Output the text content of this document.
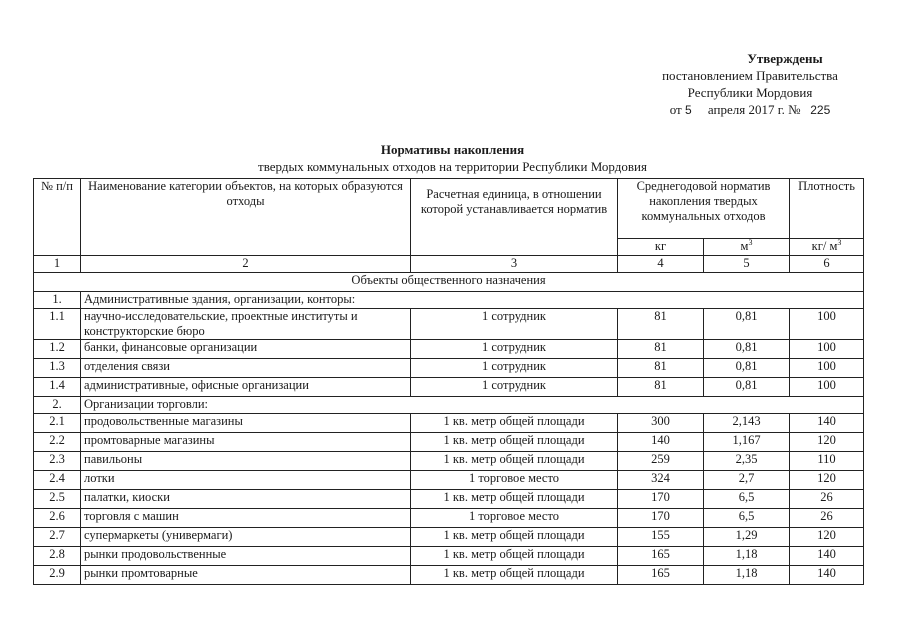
Утверждены
постановлением Правительства
Республики Мордовия
от 5 апреля 2017 г. № 225
Нормативы накопления
твердых коммунальных отходов на территории Республики Мордовия
№ п/п	Наименование категории объектов, на которых образуются отходы	Расчетная единица, в отношении которой устанавливается норматив	Среднегодовой норматив накопления твердых коммунальных отходов		Плотность
			кг	$м^3$	кг/ $м^3$
1	2	3	4	5	6
Объекты общественного назначения					
1.	Административные здания, организации, конторы:				
1.1	научно-исследовательские, проектные институты и конструкторские бюро	1 сотрудник	81	0,81	100
1.2	банки, финансовые организации	1 сотрудник	81	0,81	100
1.3	отделения связи	1 сотрудник	81	0,81	100
1.4	административные, офисные организации	1 сотрудник	81	0,81	100
2.	Организации торговли:				
2.1	продовольственные магазины	1 кв. метр общей площади	300	2,143	140
2.2	промтоварные магазины	1 кв. метр общей площади	140	1,167	120
2.3	павильоны	1 кв. метр общей площади	259	2,35	110
2.4	лотки	1 торговое место	324	2,7	120
2.5	палатки, киоски	1 кв. метр общей площади	170	6,5	26
2.6	торговля с машин	1 торговое место	170	6,5	26
2.7	супермаркеты (универмаги)	1 кв. метр общей площади	155	1,29	120
2.8	рынки продовольственные	1 кв. метр общей площади	165	1,18	140
2.9	рынки промтоварные	1 кв. метр общей площади	165	1,18	140
